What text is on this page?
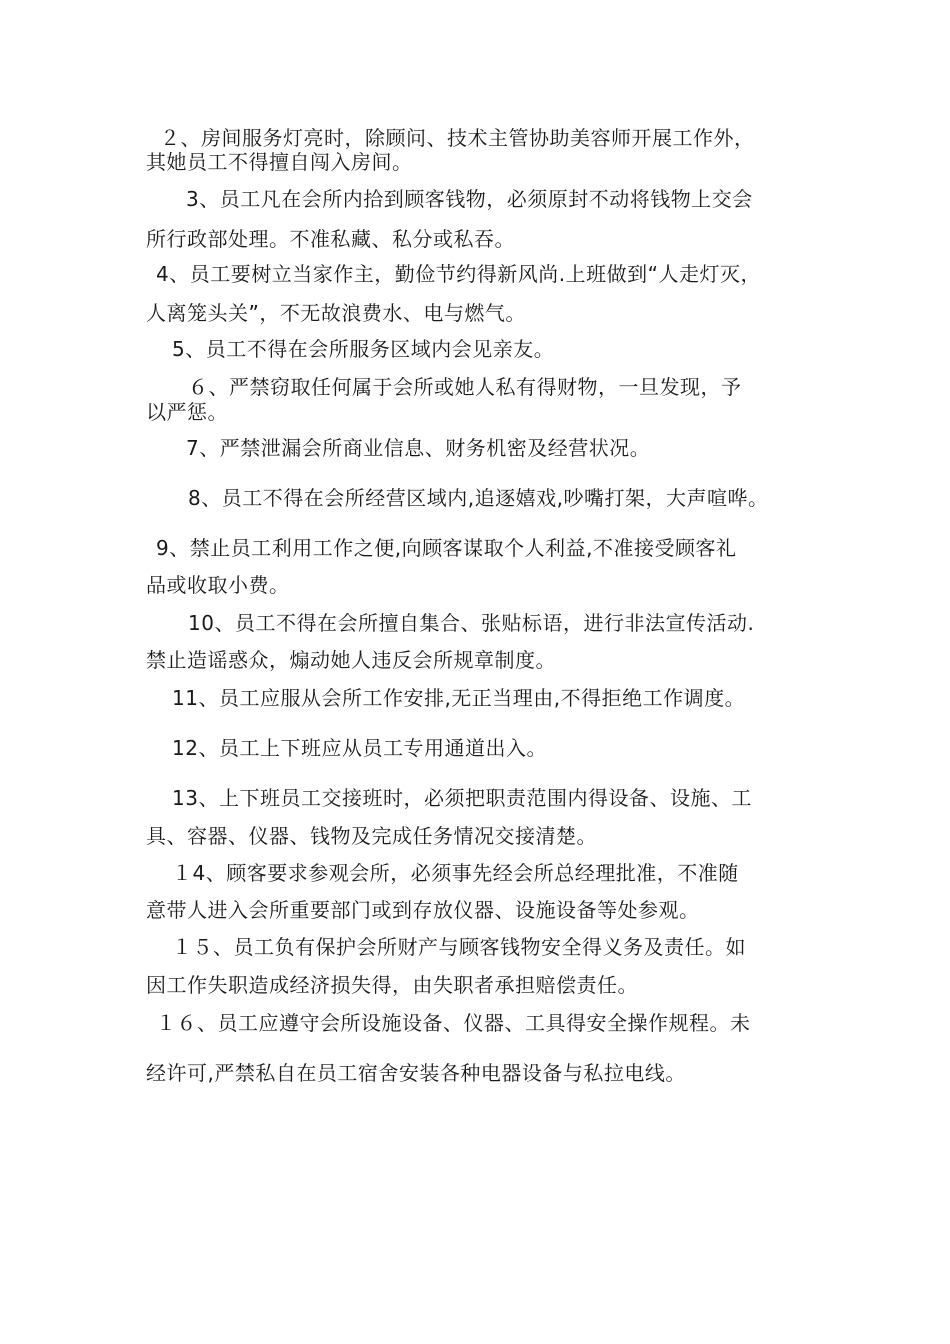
２、房间服务灯亮时，除顾问、技术主管协助美容师开展工作外，
其她员工不得擅自闯入房间。
3、员工凡在会所内拾到顾客钱物，必须原封不动将钱物上交会
所行政部处理。不准私藏、私分或私吞。
4、员工要树立当家作主，勤俭节约得新风尚.上班做到“人走灯灭，
人离笼头关”，不无故浪费水、电与燃气。
5、员工不得在会所服务区域内会见亲友。
６、严禁窃取任何属于会所或她人私有得财物，一旦发现，予
以严惩。
7、严禁泄漏会所商业信息、财务机密及经营状况。
8、员工不得在会所经营区域内,追逐嬉戏,吵嘴打架，大声喧哗。
9、禁止员工利用工作之便,向顾客谋取个人利益,不准接受顾客礼
品或收取小费。
10、员工不得在会所擅自集合、张贴标语，进行非法宣传活动.
禁止造谣惑众，煽动她人违反会所规章制度。
11、员工应服从会所工作安排,无正当理由,不得拒绝工作调度。
12、员工上下班应从员工专用通道出入。
13、上下班员工交接班时，必须把职责范围内得设备、设施、工
具、容器、仪器、钱物及完成任务情况交接清楚。
１4、顾客要求参观会所，必须事先经会所总经理批准，不准随
意带人进入会所重要部门或到存放仪器、设施设备等处参观。
１５、员工负有保护会所财产与顾客钱物安全得义务及责任。如
因工作失职造成经济损失得，由失职者承担赔偿责任。
１６、员工应遵守会所设施设备、仪器、工具得安全操作规程。未
经许可,严禁私自在员工宿舍安装各种电器设备与私拉电线。
